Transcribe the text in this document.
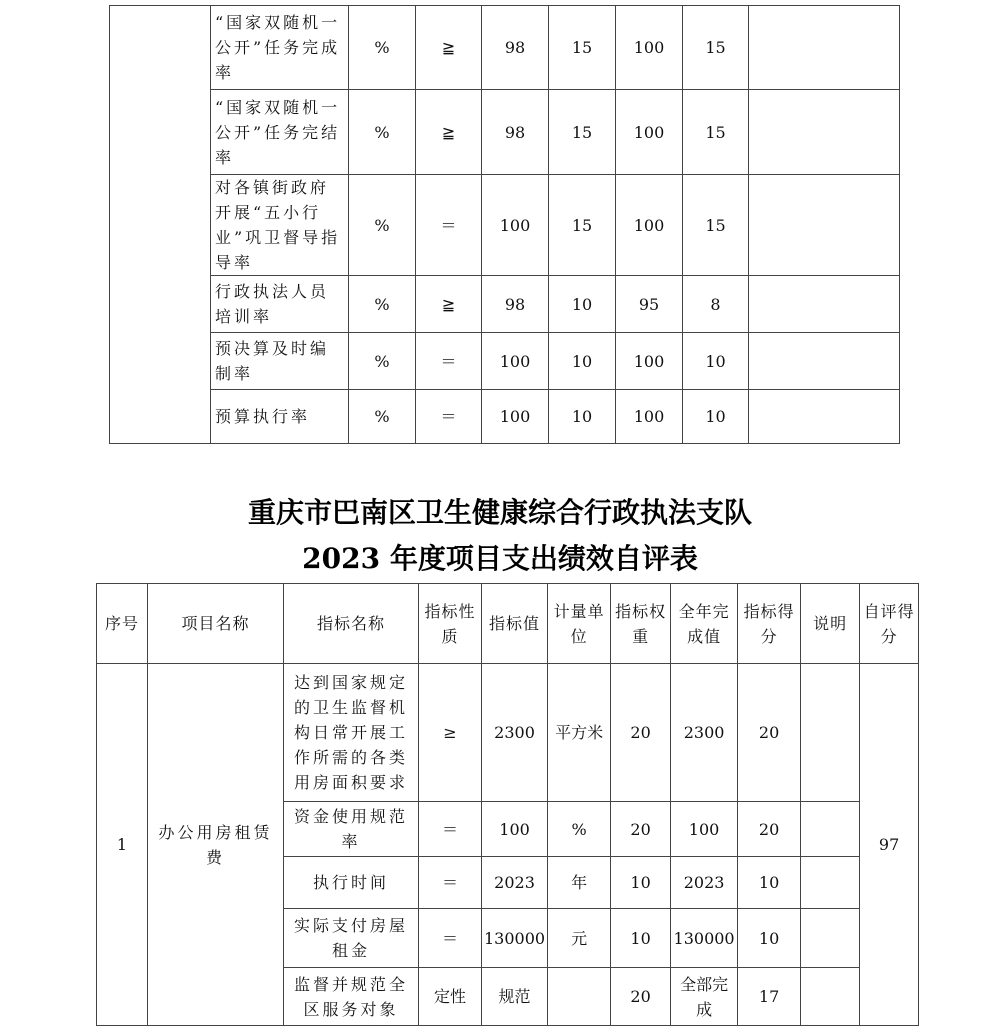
	“国家双随机一公开”任务完成率	%	≧	98	15	100	15	
	“国家双随机一公开”任务完结率	%	≧	98	15	100	15	
	对各镇街政府开展“五小行业”巩卫督导指导率	%	＝	100	15	100	15	
	行政执法人员培训率	%	≧	98	10	95	8	
	预决算及时编制率	%	＝	100	10	100	10	
	预算执行率	%	＝	100	10	100	10	
重庆市巴南区卫生健康综合行政执法支队
2023 年度项目支出绩效自评表
序号	项目名称	指标名称	指标性质	指标值	计量单位	指标权重	全年完成值	指标得分	说明	自评得分
1	办公用房租赁费	达到国家规定的卫生监督机构日常开展工作所需的各类用房面积要求	≥	2300	平方米	20	2300	20		97
		资金使用规范率	＝	100	%	20	100	20		
		执行时间	＝	2023	年	10	2023	10		
		实际支付房屋租金	＝	130000	元	10	130000	10		
		监督并规范全区服务对象	定性	规范		20	全部完成	17		
